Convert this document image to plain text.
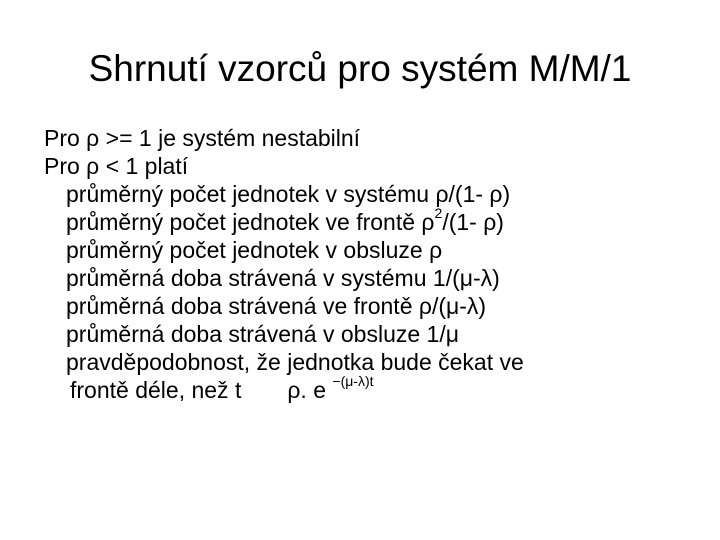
Shrnutí vzorců pro systém M/M/1
Pro ρ >= 1 je systém nestabilní
Pro ρ < 1 platí
průměrný počet jednotek v systému ρ/(1- ρ)
průměrný počet jednotek ve frontě $\rho^2/(1-$ ρ)
průměrný počet jednotek v obsluze ρ
průměrná doba strávená v systému 1/(μ-λ)
průměrná doba strávená ve frontě ρ/(μ-λ)
průměrná doba strávená v obsluze 1/μ
pravděpodobnost, že jednotka bude čekat ve
frontě déle, než t ρ. e $^{-(\mu-\lambda)t}$
